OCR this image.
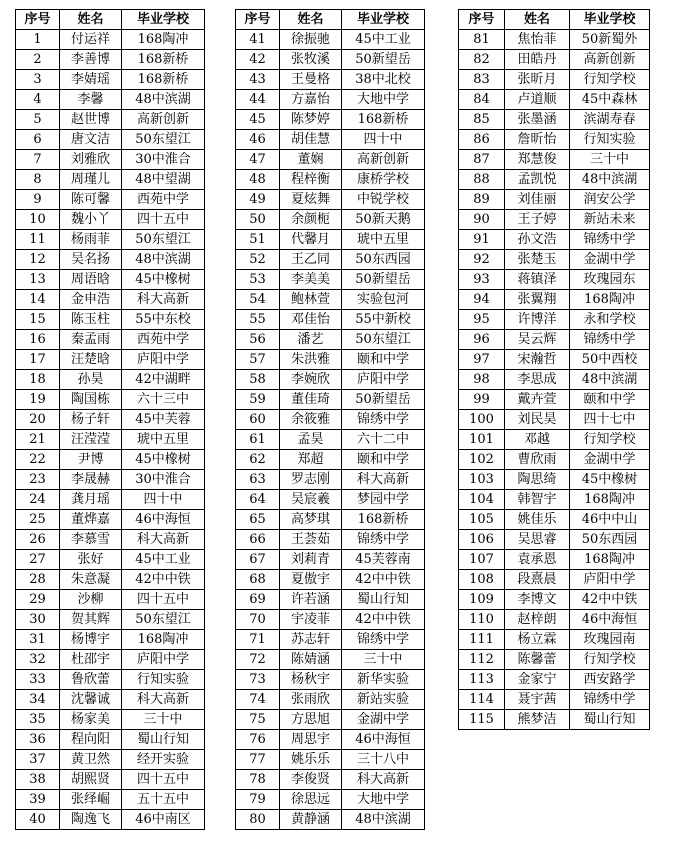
序号	姓名	毕业学校
1	付运祥	168陶冲
2	李善博	168新桥
3	李婧瑶	168新桥
4	李馨	48中滨湖
5	赵世博	高新创新
6	唐文洁	50东望江
7	刘雅欣	30中淮合
8	周瑾儿	48中望湖
9	陈可馨	西苑中学
10	魏小丫	四十五中
11	杨雨菲	50东望江
12	吴名扬	48中滨湖
13	周语晗	45中橡树
14	金申浩	科大高新
15	陈玉柱	55中东校
16	秦孟雨	西苑中学
17	汪楚晗	庐阳中学
18	孙昊	42中湖畔
19	陶国栋	六十三中
20	杨子轩	45中芙蓉
21	汪滢滢	琥中五里
22	尹博	45中橡树
23	李晟赫	30中淮合
24	龚月瑶	四十中
25	董烨嘉	46中海恒
26	李慕雪	科大高新
27	张好	45中工业
28	朱意凝	42中中铁
29	沙柳	四十五中
30	贺其辉	50东望江
31	杨博宇	168陶冲
32	杜邵宇	庐阳中学
33	鲁欣蕾	行知实验
34	沈馨诚	科大高新
35	杨家美	三十中
36	程向阳	蜀山行知
37	黄卫然	经开实验
38	胡熙贤	四十五中
39	张绎崛	五十五中
40	陶逸飞	46中南区
序号	姓名	毕业学校
41	徐振驰	45中工业
42	张牧溪	50新望岳
43	王曼格	38中北校
44	方嘉怡	大地中学
45	陈梦婷	168新桥
46	胡佳慧	四十中
47	董娴	高新创新
48	程梓衡	康桥学校
49	夏炫舞	中锐学校
50	余颜枙	50新天鹅
51	代馨月	琥中五里
52	王乙同	50东西园
53	李美美	50新望岳
54	鲍林萱	实验包河
55	邓佳怡	55中新校
56	潘艺	50东望江
57	朱洪雅	颐和中学
58	李婉欣	庐阳中学
59	董佳琦	50新望岳
60	余筱雅	锦绣中学
61	孟昊	六十二中
62	郑超	颐和中学
63	罗志刚	科大高新
64	吴宸羲	梦园中学
65	高梦琪	168新桥
66	王荟茹	锦绣中学
67	刘莉青	45芙蓉南
68	夏傲宇	42中中铁
69	许若涵	蜀山行知
70	宇凌菲	42中中铁
71	苏志轩	锦绣中学
72	陈婧涵	三十中
73	杨秋宇	新华实验
74	张雨欣	新站实验
75	方思旭	金湖中学
76	周思宇	46中海恒
77	姚乐乐	三十八中
78	李俊贤	科大高新
79	徐思远	大地中学
80	黄静涵	48中滨湖
序号	姓名	毕业学校
81	焦怡菲	50新蜀外
82	田皓丹	高新创新
83	张昕月	行知学校
84	卢道顺	45中森林
85	张墨涵	滨湖寿春
86	詹昕怡	行知实验
87	郑慧俊	三十中
88	孟凯悦	48中滨湖
89	刘佳丽	润安公学
90	王子婷	新站未来
91	孙文浩	锦绣中学
92	张楚玉	金湖中学
93	蒋镇泽	玫瑰园东
94	张翼翔	168陶冲
95	许博洋	永和学校
96	吴云辉	锦绣中学
97	宋瀚哲	50中西校
98	李思成	48中滨湖
99	戴卉萱	颐和中学
100	刘民昊	四十七中
101	邓越	行知学校
102	曹欣雨	金湖中学
103	陶思绮	45中橡树
104	韩智宇	168陶冲
105	姚佳乐	46中中山
106	吴思睿	50东西园
107	袁承恩	168陶冲
108	段熹晨	庐阳中学
109	李博文	42中中铁
110	赵梓朗	46中海恒
111	杨立霖	玫瑰园南
112	陈馨蕾	行知学校
113	金家宁	西安路学
114	聂宇茜	锦绣中学
115	熊梦洁	蜀山行知
